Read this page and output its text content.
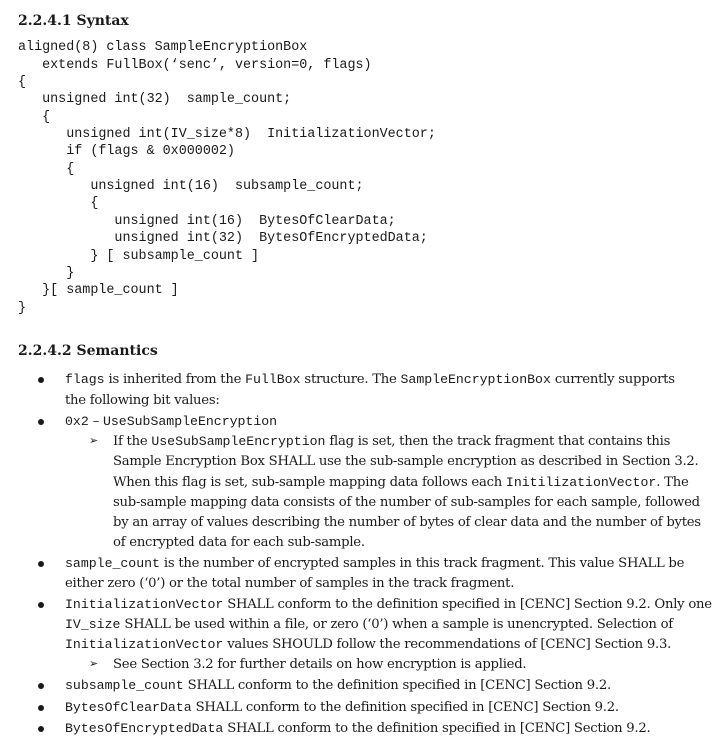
2.2.4.1 Syntax
aligned(8) class SampleEncryptionBox
extends FullBox(‘senc’, version=0, flags)
{
unsigned int(32)  sample_count;
{
unsigned int(IV_size*8)  InitializationVector;
if (flags & 0x000002)
{
unsigned int(16)  subsample_count;
{
unsigned int(16)  BytesOfClearData;
unsigned int(32)  BytesOfEncryptedData;
} [ subsample_count ]
}
}[ sample_count ]
}
2.2.4.2 Semantics
flags is inherited from the FullBox structure. The SampleEncryptionBox currently supports
the following bit values:
0x2 – UseSubSampleEncryption
➢ If the UseSubSampleEncryption flag is set, then the track fragment that contains this
Sample Encryption Box SHALL use the sub-sample encryption as described in Section 3.2.
When this flag is set, sub-sample mapping data follows each InitilizationVector. The
sub-sample mapping data consists of the number of sub-samples for each sample, followed
by an array of values describing the number of bytes of clear data and the number of bytes
of encrypted data for each sub-sample.
sample_count is the number of encrypted samples in this track fragment. This value SHALL be
either zero (‘0’) or the total number of samples in the track fragment.
InitializationVector SHALL conform to the definition specified in [CENC] Section 9.2. Only one
IV_size SHALL be used within a file, or zero (‘0’) when a sample is unencrypted. Selection of
InitializationVector values SHOULD follow the recommendations of [CENC] Section 9.3.
➢ See Section 3.2 for further details on how encryption is applied.
subsample_count SHALL conform to the definition specified in [CENC] Section 9.2.
BytesOfClearData SHALL conform to the definition specified in [CENC] Section 9.2.
BytesOfEncryptedData SHALL conform to the definition specified in [CENC] Section 9.2.
